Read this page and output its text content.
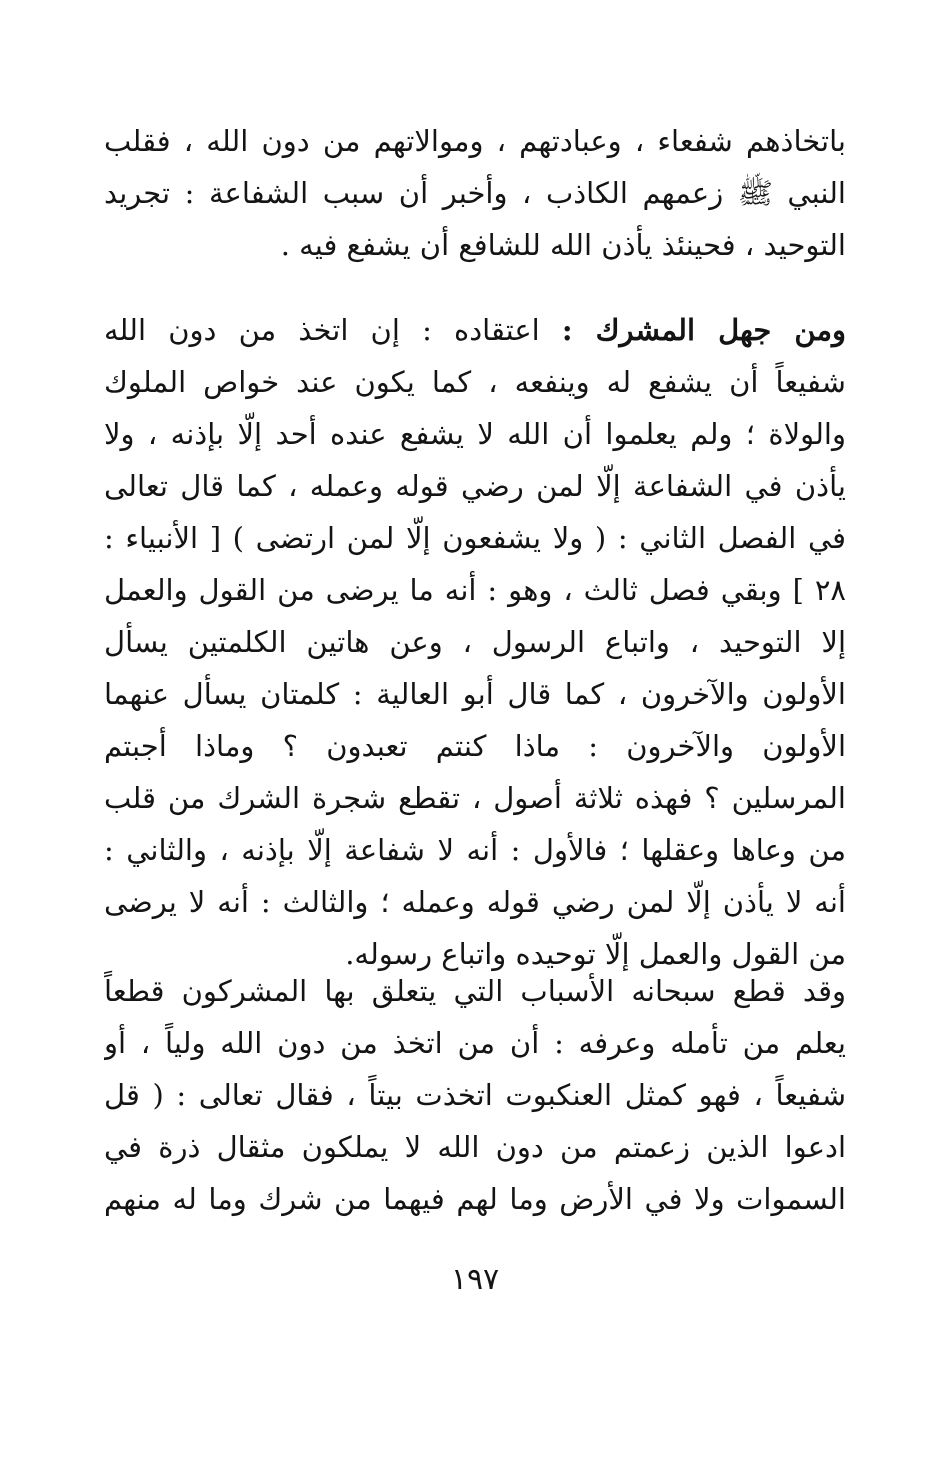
باتخاذهم شفعاء ، وعبادتهم ، وموالاتهم من دون الله ، فقلب
النبي ﷺ زعمهم الكاذب ، وأخبر أن سبب الشفاعة : تجريد
التوحيد ، فحينئذ يأذن الله للشافع أن يشفع فيه .
ومن جهل المشرك : اعتقاده : إن اتخذ من دون الله
شفيعاً أن يشفع له وينفعه ، كما يكون عند خواص الملوك
والولاة ؛ ولم يعلموا أن الله لا يشفع عنده أحد إلّا بإذنه ، ولا
يأذن في الشفاعة إلّا لمن رضي قوله وعمله ، كما قال تعالى
في الفصل الثاني : ( ولا يشفعون إلّا لمن ارتضى ) [ الأنبياء :
٢٨ ] وبقي فصل ثالث ، وهو : أنه ما يرضى من القول والعمل
إلا التوحيد ، واتباع الرسول ، وعن هاتين الكلمتين يسأل
الأولون والآخرون ، كما قال أبو العالية : كلمتان يسأل عنهما
الأولون والآخرون : ماذا كنتم تعبدون ؟ وماذا أجبتم
المرسلين ؟ فهذه ثلاثة أصول ، تقطع شجرة الشرك من قلب
من وعاها وعقلها ؛ فالأول : أنه لا شفاعة إلّا بإذنه ، والثاني :
أنه لا يأذن إلّا لمن رضي قوله وعمله ؛ والثالث : أنه لا يرضى
من القول والعمل إلّا توحيده واتباع رسوله.
وقد قطع سبحانه الأسباب التي يتعلق بها المشركون قطعاً
يعلم من تأمله وعرفه : أن من اتخذ من دون الله ولياً ، أو
شفيعاً ، فهو كمثل العنكبوت اتخذت بيتاً ، فقال تعالى : ( قل
ادعوا الذين زعمتم من دون الله لا يملكون مثقال ذرة في
السموات ولا في الأرض وما لهم فيهما من شرك وما له منهم
١٩٧
